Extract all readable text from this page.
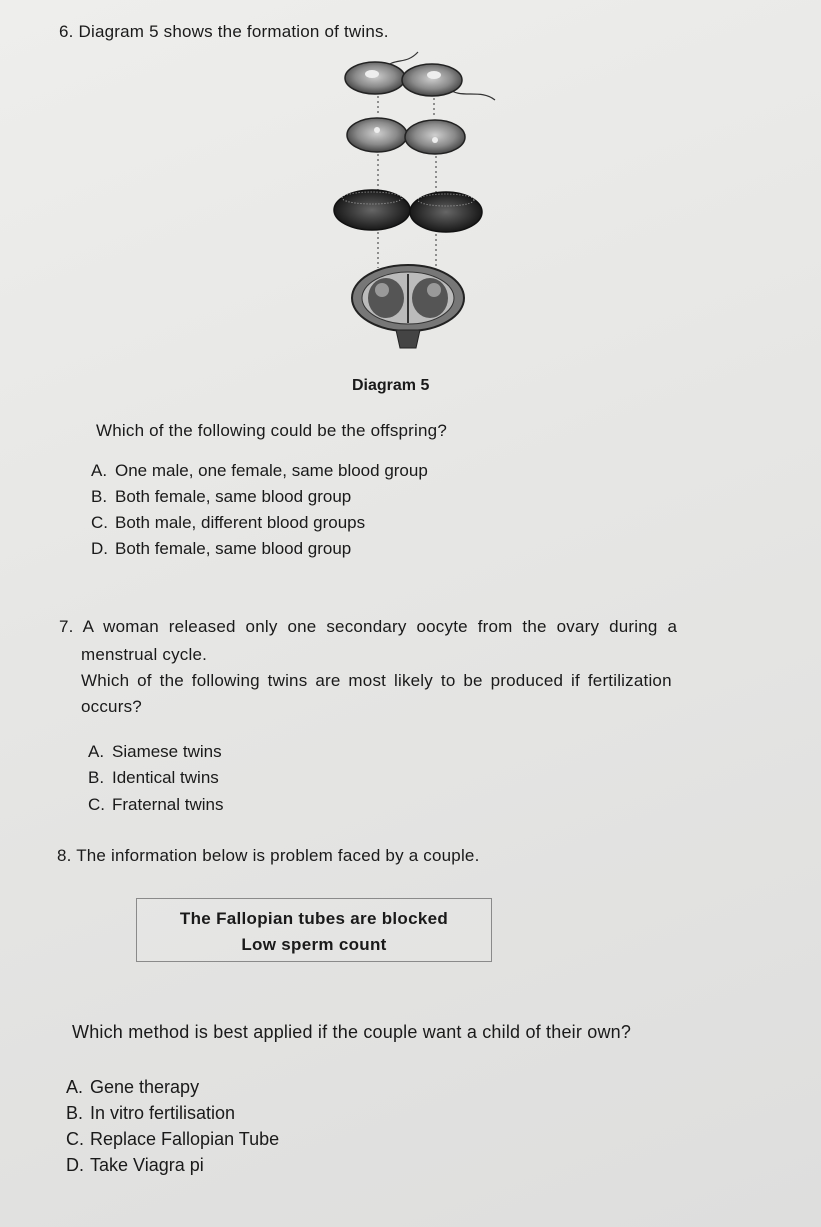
6. Diagram 5 shows the formation of twins.
Diagram 5
Which of the following could be the offspring?
A. One male, one female, same blood group
B. Both female, same blood group
C. Both male, different blood groups
D. Both female, same blood group
7. A woman released only one secondary oocyte from the ovary during a
menstrual cycle.
Which of the following twins are most likely to be produced if fertilization
occurs?
A. Siamese twins
B. Identical twins
C. Fraternal twins
8. The information below is problem faced by a couple.
The Fallopian tubes are blocked
Low sperm count
Which method is best applied if the couple want a child of their own?
A. Gene therapy
B. In vitro fertilisation
C. Replace Fallopian Tube
D. Take Viagra pi
